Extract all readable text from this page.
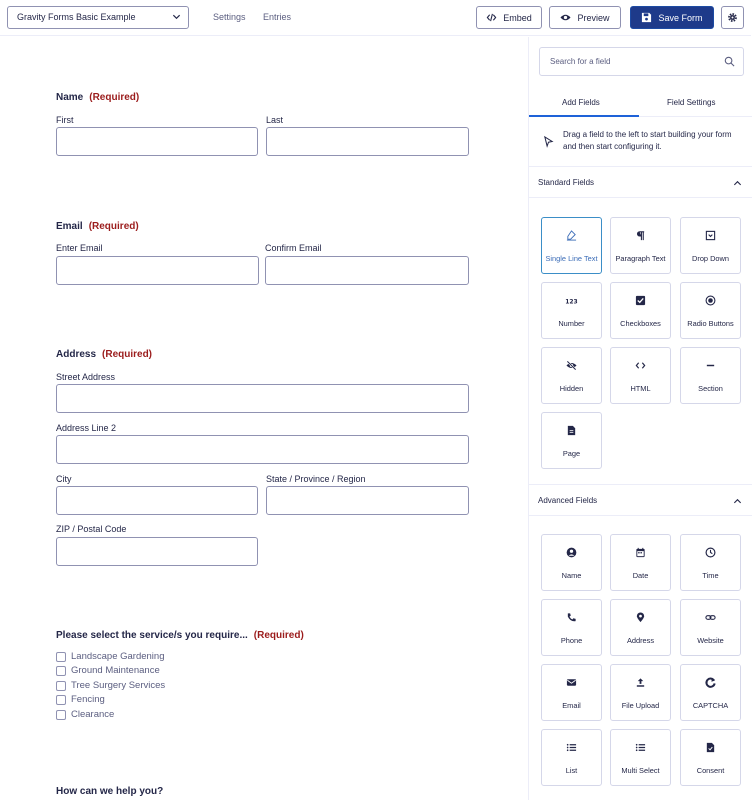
Gravity Forms Basic Example	Settings Entries	Embed	Preview	Save Form
Name (Required)
First	Last
Email (Required)
Enter Email	Confirm Email
Address (Required)
Street Address
Address Line 2
City	State / Province / Region
ZIP / Postal Code
Please select the service/s you require... (Required)
Landscape Gardening
Ground Maintenance
Tree Surgery Services
Fencing
Clearance
How can we help you?
Search for a field
Add Fields	Field Settings
Drag a field to the left to start building your form and then start configuring it.
Standard Fields
Single Line Text	Paragraph Text	Drop Down
123
Number	Checkboxes	Radio Buttons
Hidden	HTML	Section
Page
Advanced Fields
Name	Date	Time
Phone	Address	Website
Email	File Upload	CAPTCHA
List	Multi Select	Consent
